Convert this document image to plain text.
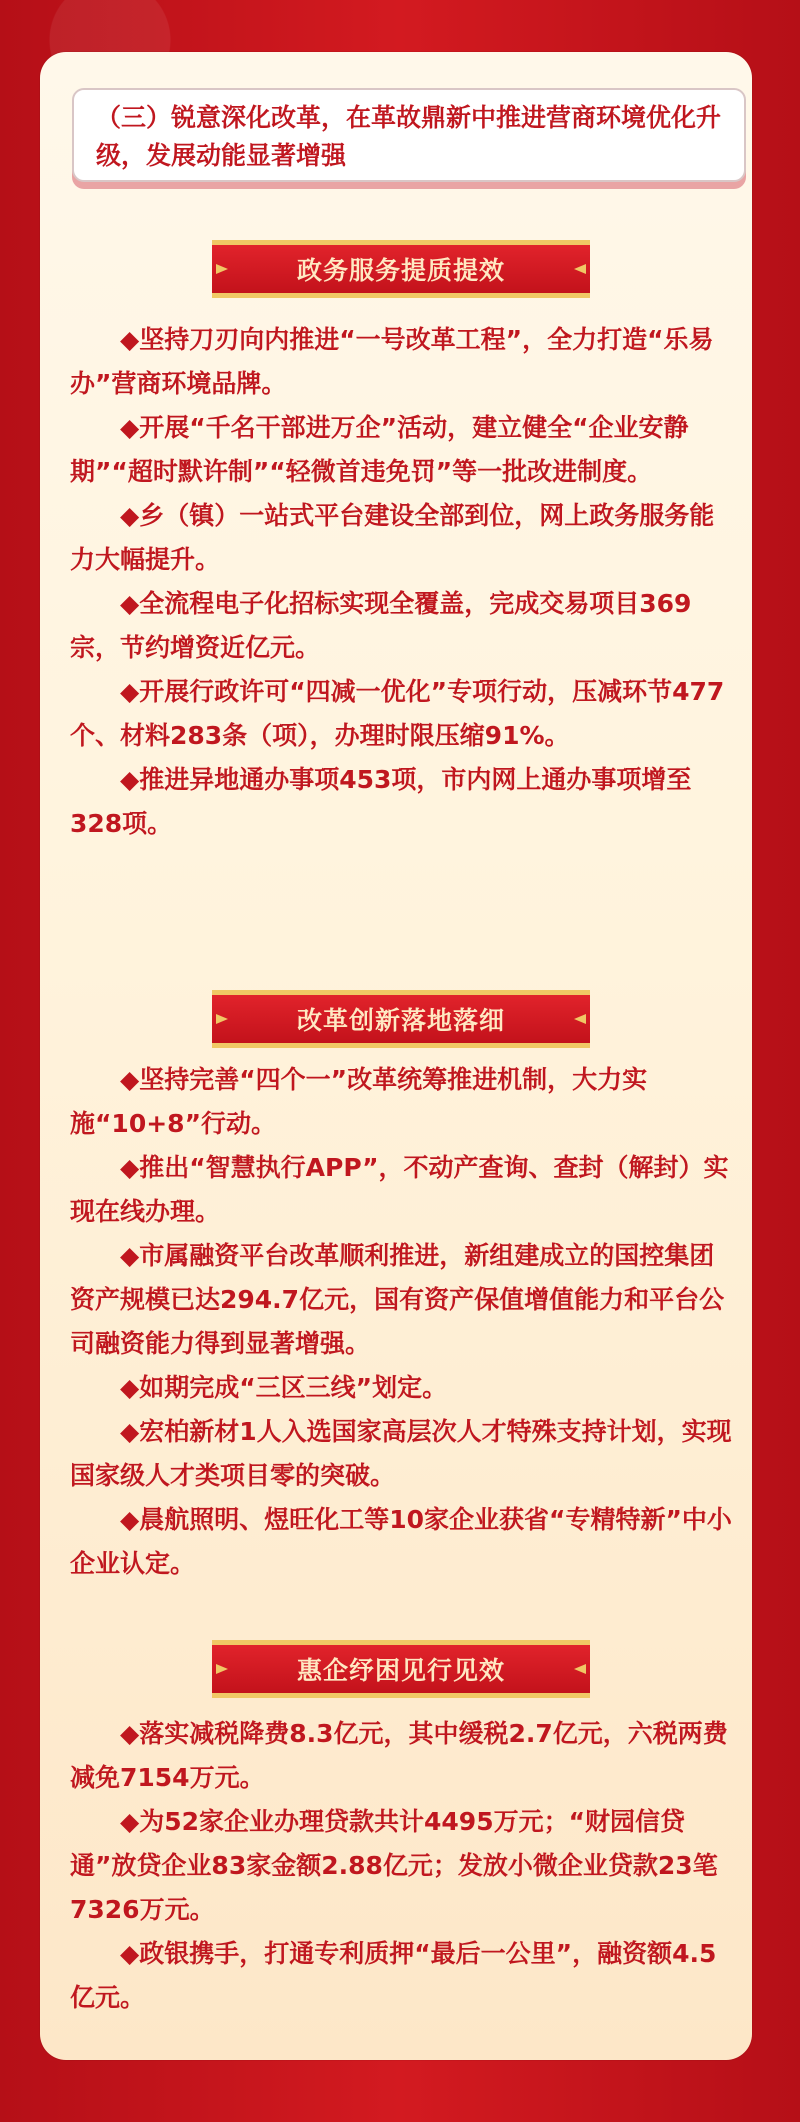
（三）锐意深化改革，在革故鼎新中推进营商环境优化升级，发展动能显著增强

政务服务提质提效
◆坚持刀刃向内推进“一号改革工程”，全力打造“乐易办”营商环境品牌。
◆开展“千名干部进万企”活动，建立健全“企业安静期”“超时默许制”“轻微首违免罚”等一批改进制度。
◆乡（镇）一站式平台建设全部到位，网上政务服务能力大幅提升。
◆全流程电子化招标实现全覆盖，完成交易项目369宗，节约增资近亿元。
◆开展行政许可“四减一优化”专项行动，压减环节477个、材料283条（项），办理时限压缩91%。
◆推进异地通办事项453项，市内网上通办事项增至328项。
改革创新落地落细
◆坚持完善“四个一”改革统筹推进机制，大力实施“10+8”行动。
◆推出“智慧执行APP”，不动产查询、查封（解封）实现在线办理。
◆市属融资平台改革顺利推进，新组建成立的国控集团资产规模已达294.7亿元，国有资产保值增值能力和平台公司融资能力得到显著增强。
◆如期完成“三区三线”划定。
◆宏柏新材1人入选国家高层次人才特殊支持计划，实现国家级人才类项目零的突破。
◆晨航照明、煜旺化工等10家企业获省“专精特新”中小企业认定。
惠企纾困见行见效
◆落实减税降费8.3亿元，其中缓税2.7亿元，六税两费减免7154万元。
◆为52家企业办理贷款共计4495万元；“财园信贷通”放贷企业83家金额2.88亿元；发放小微企业贷款23笔7326万元。
◆政银携手，打通专利质押“最后一公里”，融资额4.5亿元。
